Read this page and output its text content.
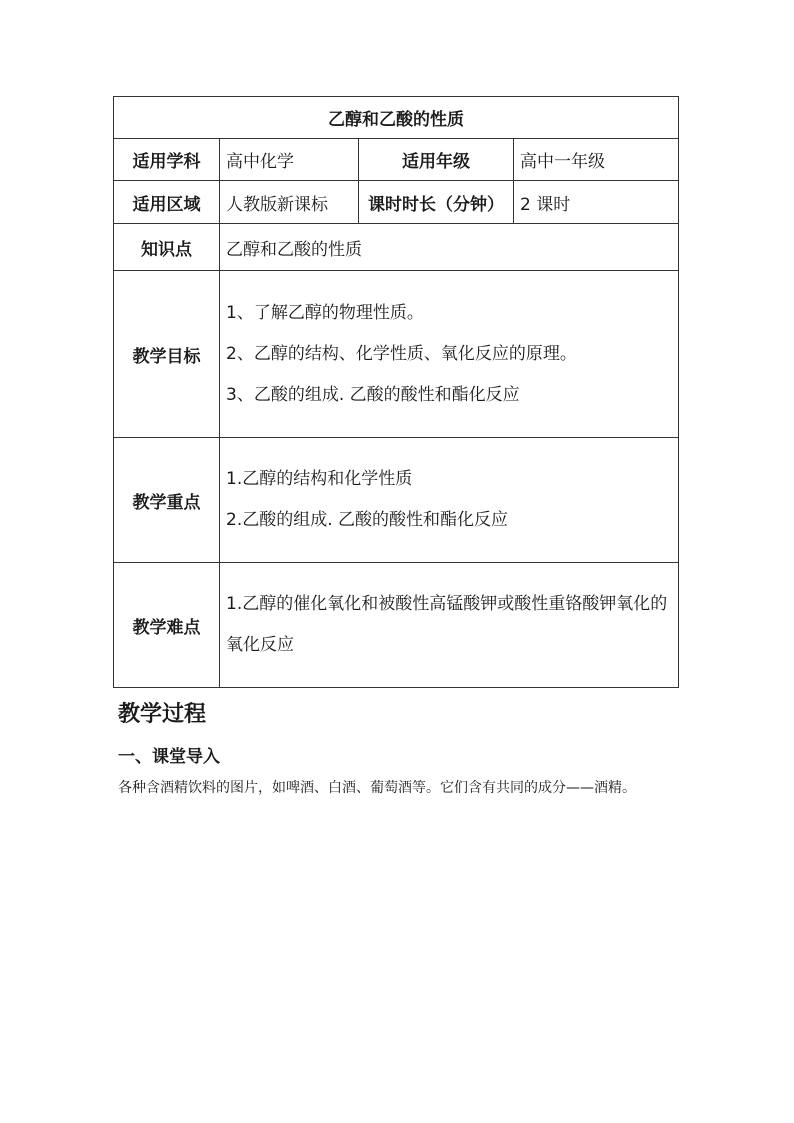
乙醇和乙酸的性质			
适用学科	高中化学	适用年级	高中一年级
适用区域	人教版新课标	课时时长（分钟）	2 课时
知识点	乙醇和乙酸的性质		
教学目标	1、了解乙醇的物理性质。
2、乙醇的结构、化学性质、氧化反应的原理。
3、乙酸的组成. 乙酸的酸性和酯化反应		

教学重点	1.乙醇的结构和化学性质
2.乙酸的组成. 乙酸的酸性和酯化反应		

教学难点	1.乙醇的催化氧化和被酸性高锰酸钾或酸性重铬酸钾氧化的氧化反应		
教学过程
一、课堂导入

各种含酒精饮料的图片，如啤酒、白酒、葡萄酒等。它们含有共同的成分——酒精。
